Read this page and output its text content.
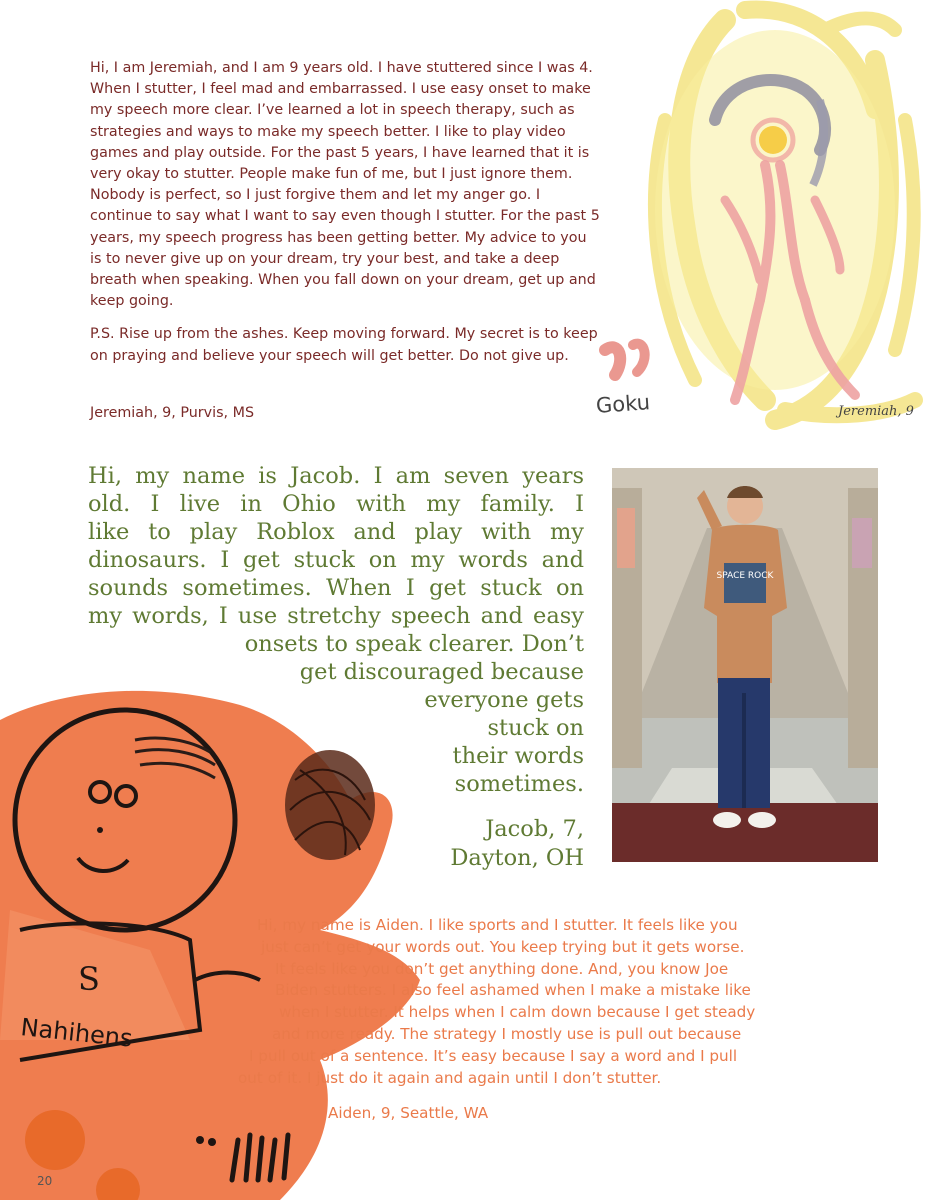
Hi, I am Jeremiah, and I am 9 years old. I have stuttered since I was 4. When I stutter, I feel mad and embarrassed. I use easy onset to make my speech more clear. I’ve learned a lot in speech therapy, such as strategies and ways to make my speech better. I like to play video games and play outside. For the past 5 years, I have learned that it is very okay to stutter. People make fun of me, but I just ignore them. Nobody is perfect, so I just forgive them and let my anger go. I continue to say what I want to say even though I stutter. For the past 5 years, my speech progress has been getting better. My advice to you is to never give up on your dream, try your best, and take a deep breath when speaking. When you fall down on your dream, get up and keep going.

P.S. Rise up from the ashes. Keep moving forward. My secret is to keep on praying and believe your speech will get better. Do not give up.

Jeremiah, 9, Purvis, MS	Goku	Jeremiah, 9
S
Nahihens
Hi, my name is Jacob. I am seven years
old. I live in Ohio with my family. I
like to play Roblox and play with my
dinosaurs. I get stuck on my words and
sounds sometimes. When I get stuck on
my words, I use stretchy speech and easy
onsets to speak clearer. Don’t
get discouraged because
everyone gets
stuck on
their words
sometimes.
Jacob, 7,
Dayton, OH
SPACE ROCK
Hi, my name is Aiden. I like sports and I stutter. It feels like you
just can’t get your words out. You keep trying but it gets worse.
It feels like you don’t get anything done. And, you know Joe
Biden stutters. I also feel ashamed when I make a mistake like
when I stutter. It helps when I calm down because I get steady
and more ready. The strategy I mostly use is pull out because
I pull out of a sentence. It’s easy because I say a word and I pull
out of it. I just do it again and again until I don’t stutter.
Aiden, 9, Seattle, WA
20
